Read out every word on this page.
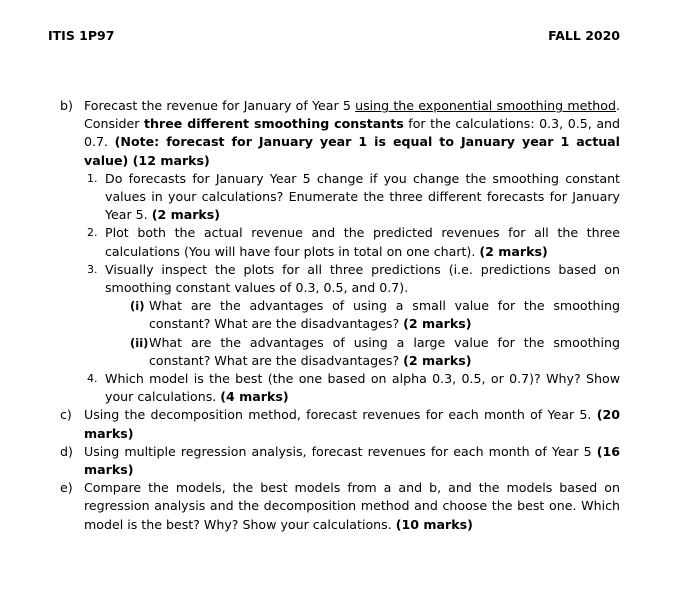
ITIS 1P97	FALL 2020
b) Forecast the revenue for January of Year 5 using the exponential smoothing method. Consider three different smoothing constants for the calculations: 0.3, 0.5, and 0.7. (Note: forecast for January year 1 is equal to January year 1 actual value) (12 marks)
1. Do forecasts for January Year 5 change if you change the smoothing constant values in your calculations? Enumerate the three different forecasts for January Year 5. (2 marks)
2. Plot both the actual revenue and the predicted revenues for all the three calculations (You will have four plots in total on one chart). (2 marks)
3. Visually inspect the plots for all three predictions (i.e. predictions based on smoothing constant values of 0.3, 0.5, and 0.7).
(i) What are the advantages of using a small value for the smoothing constant? What are the disadvantages? (2 marks)
(ii) What are the advantages of using a large value for the smoothing constant? What are the disadvantages? (2 marks)
4. Which model is the best (the one based on alpha 0.3, 0.5, or 0.7)? Why? Show your calculations. (4 marks)
c) Using the decomposition method, forecast revenues for each month of Year 5. (20 marks)
d) Using multiple regression analysis, forecast revenues for each month of Year 5 (16 marks)
e) Compare the models, the best models from a and b, and the models based on regression analysis and the decomposition method and choose the best one. Which model is the best? Why? Show your calculations. (10 marks)
